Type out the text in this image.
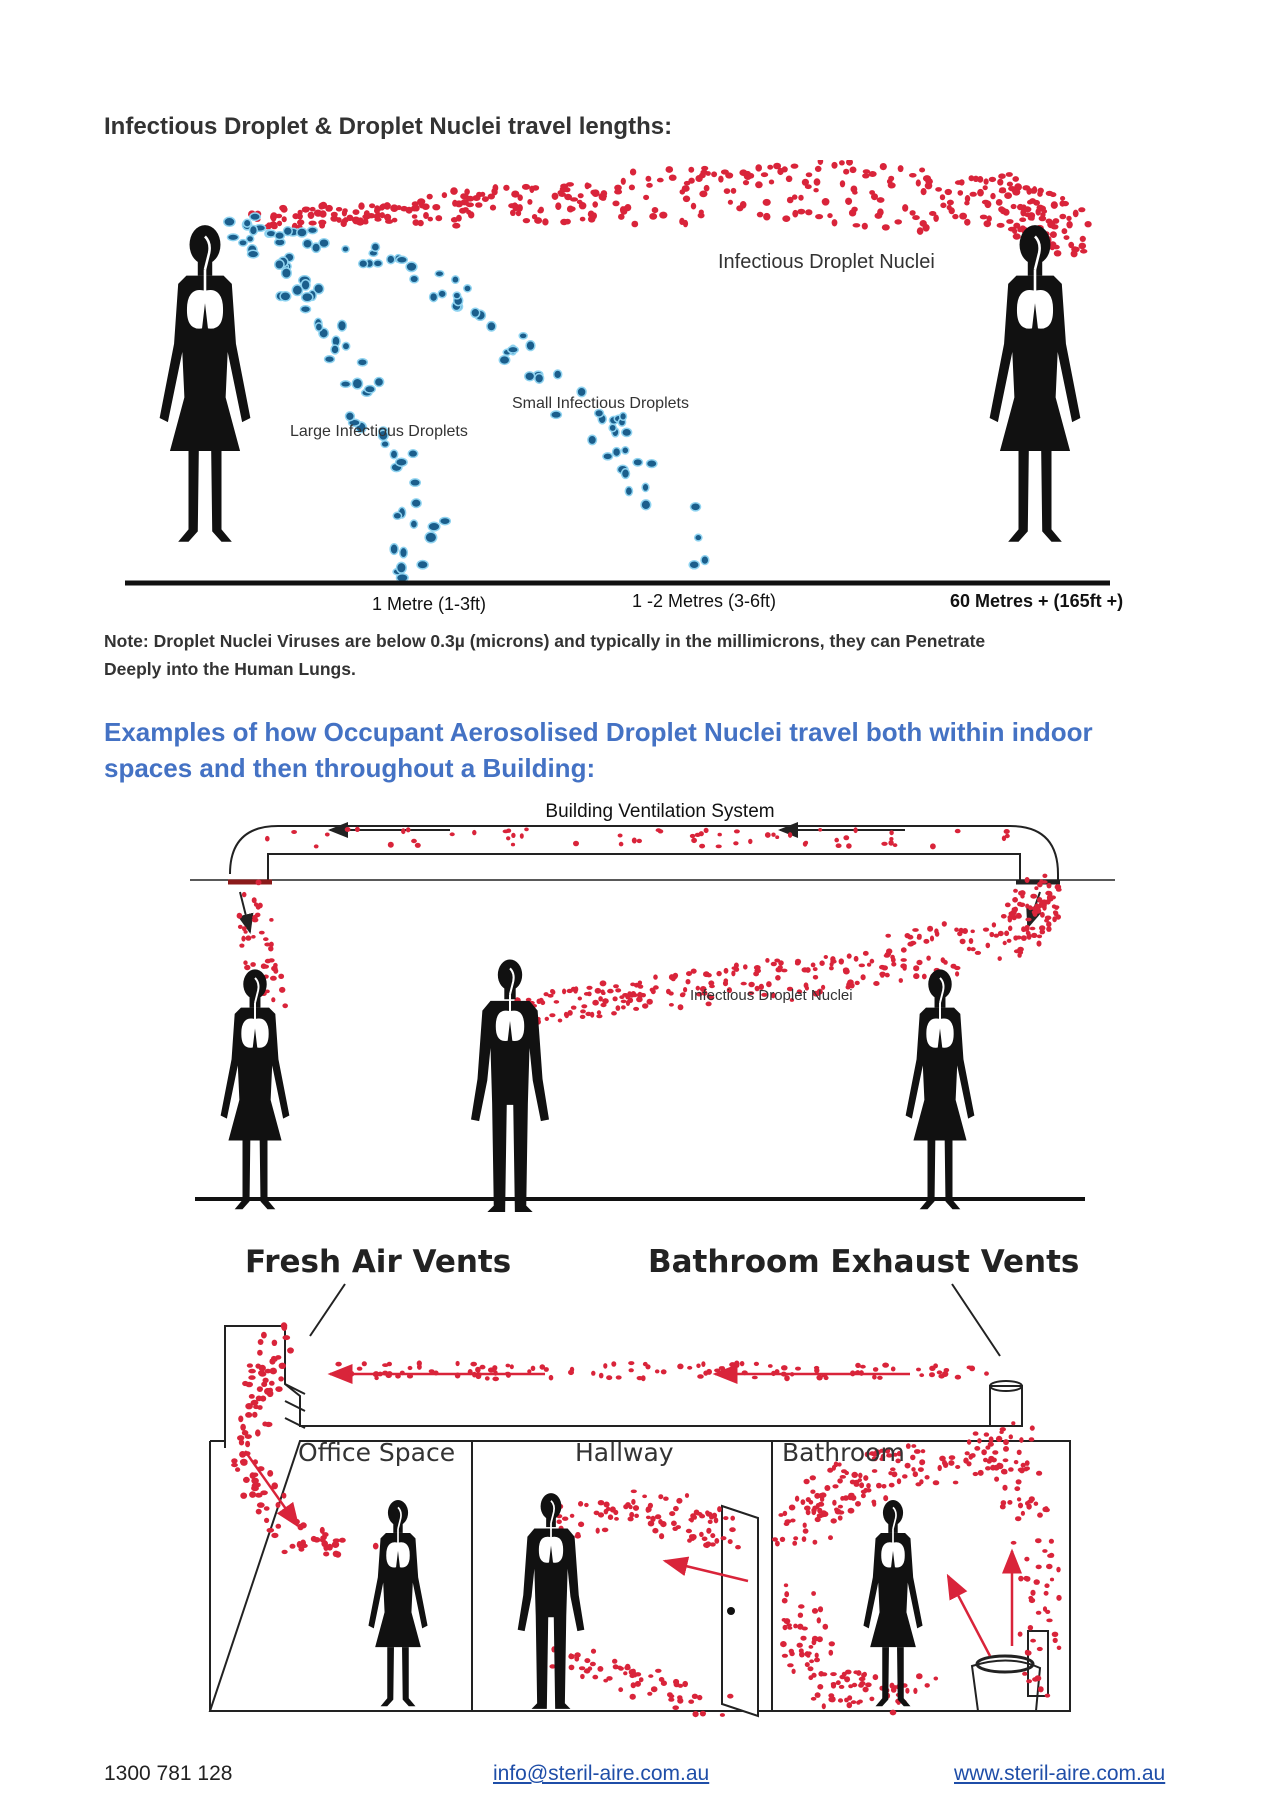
Infectious Droplet & Droplet Nuclei travel lengths:
Infectious Droplet Nuclei
Small Infectious Droplets
Large Infectious Droplets
1 Metre (1-3ft)	1 -2 Metres (3-6ft)	60 Metres + (165ft +)
Note: Droplet Nuclei Viruses are below 0.3µ (microns) and typically in the millimicrons, they can Penetrate
Deeply into the Human Lungs.
Examples of how Occupant Aerosolised Droplet Nuclei travel both within indoor
spaces and then throughout a Building:
Building Ventilation System
Infectious Droplet Nuclei
Fresh Air Vents	Bathroom Exhaust Vents
Office Space	Hallway	Bathroom
1300 781 128	info@steril-aire.com.au	www.steril-aire.com.au
